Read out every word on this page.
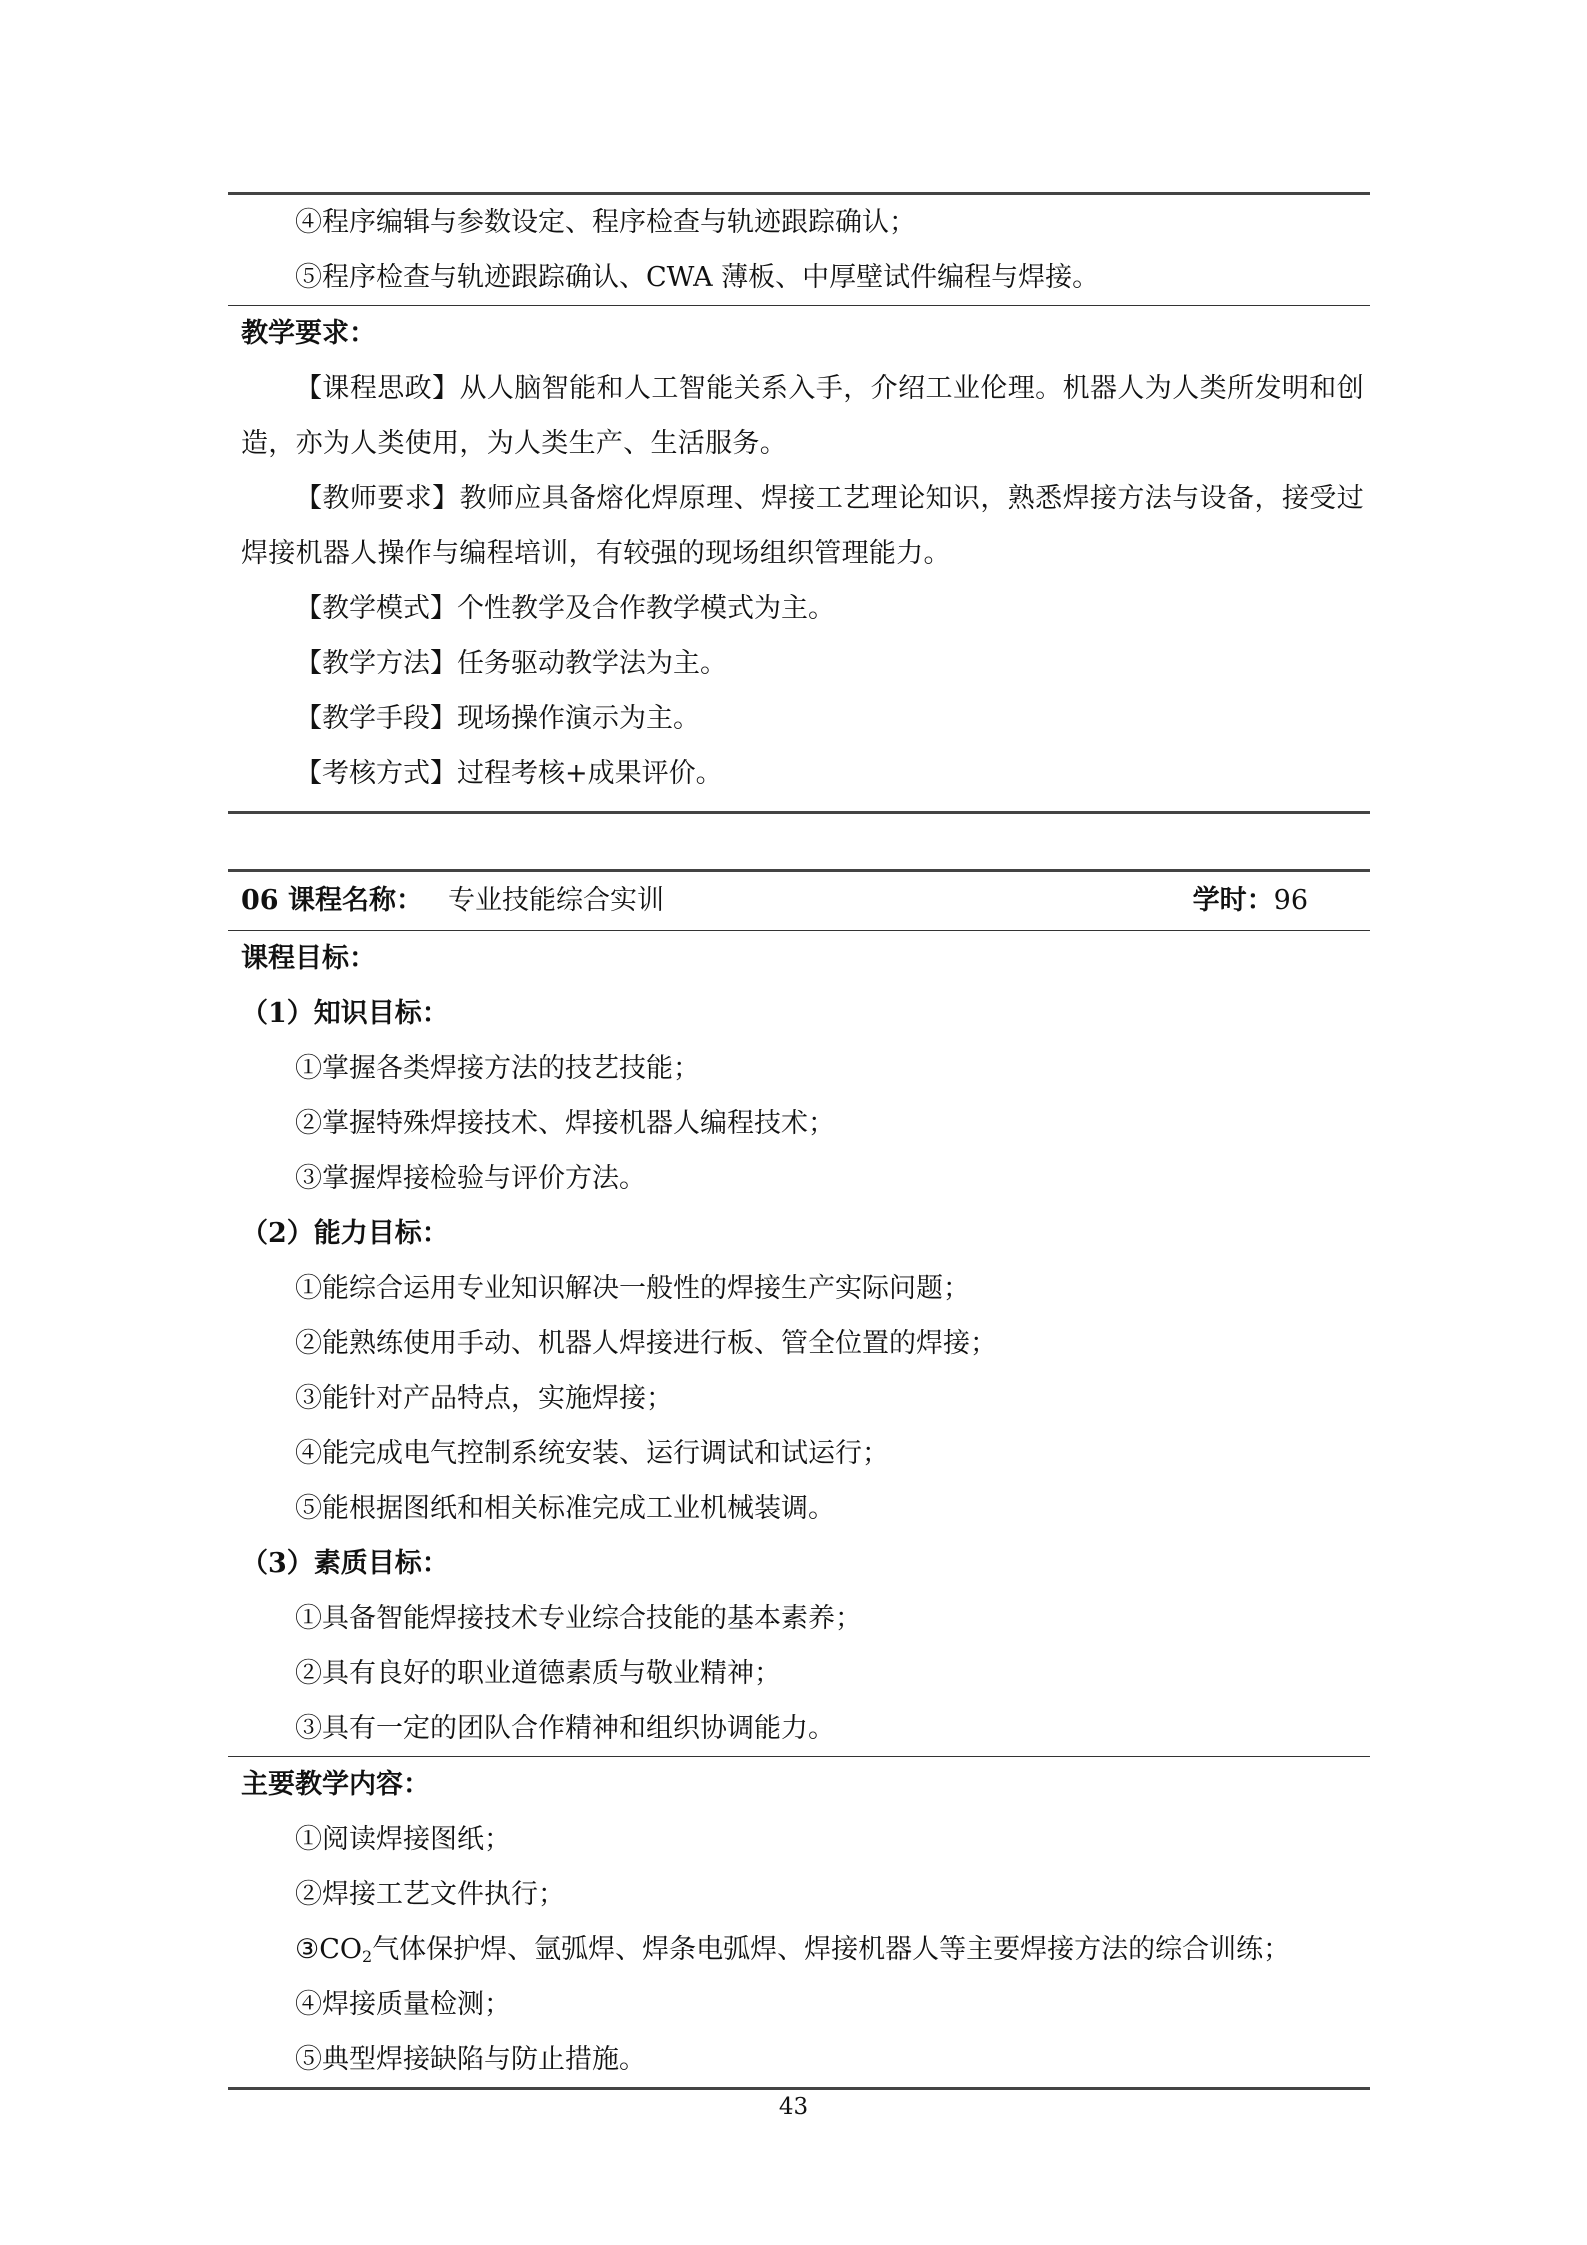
④程序编辑与参数设定、程序检查与轨迹跟踪确认；
⑤程序检查与轨迹跟踪确认、CWA 薄板、中厚壁试件编程与焊接。
教学要求：
【课程思政】从人脑智能和人工智能关系入手，介绍工业伦理。机器人为人类所发明和创造，亦为人类使用，为人类生产、生活服务。
【教师要求】教师应具备熔化焊原理、焊接工艺理论知识，熟悉焊接方法与设备，接受过焊接机器人操作与编程培训，有较强的现场组织管理能力。
【教学模式】个性教学及合作教学模式为主。
【教学方法】任务驱动教学法为主。
【教学手段】现场操作演示为主。
【考核方式】过程考核+成果评价。
06 课程名称： 专业技能综合实训	学时：96
课程目标：
（1）知识目标：
①掌握各类焊接方法的技艺技能；
②掌握特殊焊接技术、焊接机器人编程技术；
③掌握焊接检验与评价方法。
（2）能力目标：
①能综合运用专业知识解决一般性的焊接生产实际问题；
②能熟练使用手动、机器人焊接进行板、管全位置的焊接；
③能针对产品特点，实施焊接；
④能完成电气控制系统安装、运行调试和试运行；
⑤能根据图纸和相关标准完成工业机械装调。
（3）素质目标：
①具备智能焊接技术专业综合技能的基本素养；
②具有良好的职业道德素质与敬业精神；
③具有一定的团队合作精神和组织协调能力。
主要教学内容：
①阅读焊接图纸；
②焊接工艺文件执行；
$③CO_2$气体保护焊、氩弧焊、焊条电弧焊、焊接机器人等主要焊接方法的综合训练；
④焊接质量检测；
⑤典型焊接缺陷与防止措施。
43
